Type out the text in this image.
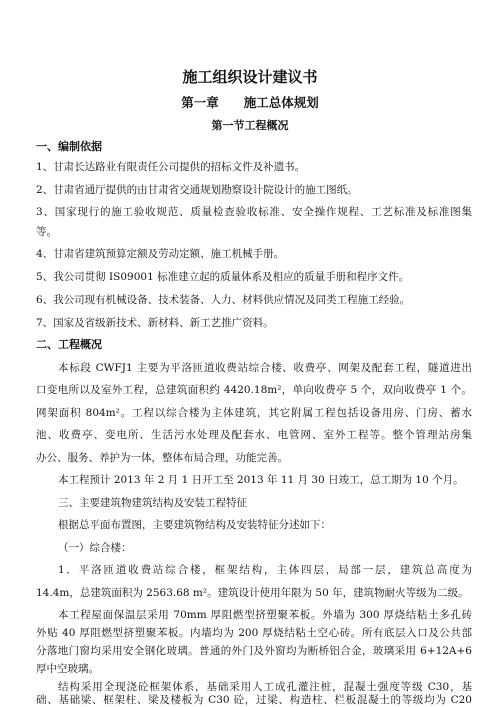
施工组织设计建议书
第一章　　施工总体规划
第一节工程概况
一、编制依据
1、甘肃长达路业有限责任公司提供的招标文件及补遗书。
2、甘肃省通厅提供的由甘肃省交通规划勘察设计院设计的施工图纸。
3、国家现行的施工验收规范、质量检查验收标准、安全操作规程、工艺标准及标准图集
等。
4、甘肃省建筑预算定额及劳动定额、施工机械手册。
5、我公司贯彻 IS09001 标准建立起的质量体系及相应的质量手册和程序文件。
6、我公司现有机械设备、技术装备、人力、材料供应情况及同类工程施工经验。
7、国家及省级新技术、新材料、新工艺推广资料。
二、工程概况
本标段 CWFJ1 主要为平洛匝道收费站综合楼、收费亭、网架及配套工程，隧道进出
口变电所以及室外工程，总建筑面积约 4420.18m²，单向收费亭 5 个，双向收费亭 1 个。
网架面积 804m²。工程以综合楼为主体建筑，其它附属工程包括设备用房、门房、蓄水
池、收费亭、变电所、生活污水处理及配套水、电管网、室外工程等。整个管理站房集
办公、服务、养护为一体，整体布局合理，功能完善。
本工程预计 2013 年 2 月 1 日开工至 2013 年 11 月 30 日竣工，总工期为 10 个月。
三、主要建筑物建筑结构及安装工程特征
根据总平面布置图，主要建筑物结构及安装特征分述如下：
（一）综合楼：
1．平洛匝道收费站综合楼，框架结构，主体四层，局部一层，建筑总高度为
14.4m，总建筑面积为 2563.68 m²。建筑设计使用年限为 50 年，建筑物耐火等级为二级。
本工程屋面保温层采用 70mm 厚阻燃型挤塑聚苯板。外墙为 300 厚烧结粘土多孔砖
外贴 40 厚阻燃型挤塑聚苯板。内墙均为 200 厚烧结粘土空心砖。所有底层入口及公共部
分落地门窗均采用安全钢化玻璃。普通的外门及外窗均为断桥铝合金，玻璃采用 6+12A+6
厚中空玻璃。
结构采用全现浇砼框架体系，基础采用人工成孔灌注桩，混凝土强度等级 C30，基
础、基础梁、框架柱、梁及楼板为 C30 砼，过梁、构造柱、栏板混凝土的等级均为 C20
